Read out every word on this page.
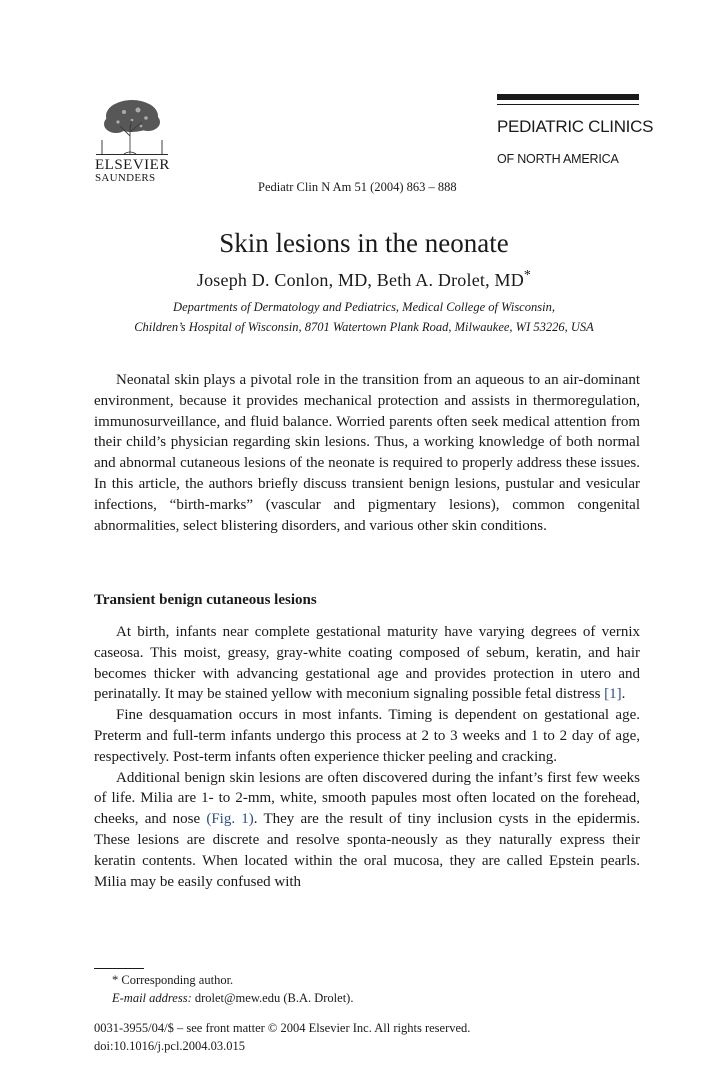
ELSEVIER
SAUNDERS
Pediatr Clin N Am 51 (2004) 863 – 888
PEDIATRIC CLINICS
OF NORTH AMERICA
Skin lesions in the neonate
Joseph D. Conlon, MD, Beth A. Drolet, MD*
Departments of Dermatology and Pediatrics, Medical College of Wisconsin,
Children’s Hospital of Wisconsin, 8701 Watertown Plank Road, Milwaukee, WI 53226, USA

Neonatal skin plays a pivotal role in the transition from an aqueous to an air-dominant environment, because it provides mechanical protection and assists in thermoregulation, immunosurveillance, and fluid balance. Worried parents often seek medical attention from their child’s physician regarding skin lesions. Thus, a working knowledge of both normal and abnormal cutaneous lesions of the neonate is required to properly address these issues. In this article, the authors briefly discuss transient benign lesions, pustular and vesicular infections, “birth-marks” (vascular and pigmentary lesions), common congenital abnormalities, select blistering disorders, and various other skin conditions.

Transient benign cutaneous lesions

At birth, infants near complete gestational maturity have varying degrees of vernix caseosa. This moist, greasy, gray-white coating composed of sebum, keratin, and hair becomes thicker with advancing gestational age and provides protection in utero and perinatally. It may be stained yellow with meconium signaling possible fetal distress [1].

Fine desquamation occurs in most infants. Timing is dependent on gestational age. Preterm and full-term infants undergo this process at 2 to 3 weeks and 1 to 2 day of age, respectively. Post-term infants often experience thicker peeling and cracking.

Additional benign skin lesions are often discovered during the infant’s first few weeks of life. Milia are 1- to 2-mm, white, smooth papules most often located on the forehead, cheeks, and nose (Fig. 1). They are the result of tiny inclusion cysts in the epidermis. These lesions are discrete and resolve sponta-neously as they naturally express their keratin contents. When located within the oral mucosa, they are called Epstein pearls. Milia may be easily confused with

* Corresponding author.
E-mail address: drolet@mew.edu (B.A. Drolet).
0031-3955/04/$ – see front matter © 2004 Elsevier Inc. All rights reserved.
doi:10.1016/j.pcl.2004.03.015
